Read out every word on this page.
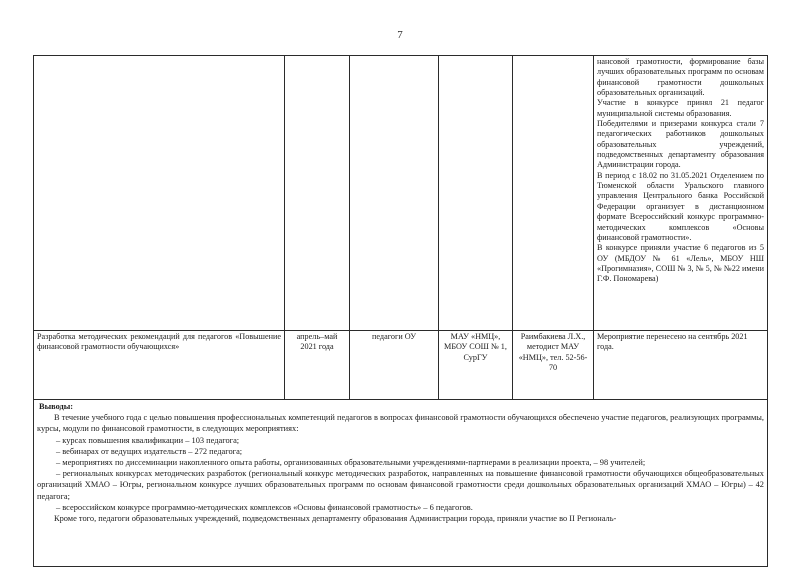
7

					нансовой грамотности, формирование базы лучших образовательных программ по основам финансовой грамотности дошкольных образовательных организаций.
Участие в конкурсе принял 21 педагог муниципальной системы образования.
Победителями и призерами конкурса стали 7 педагогических работников дошкольных образовательных учреждений, подведомственных департаменту образования Администрации города.
В период с 18.02 по 31.05.2021 Отделением по Тюменской области Уральского главного управления Центрального банка Российской Федерации организует в дистанционном формате Всероссийский конкурс программно-методических комплексов «Основы финансовой грамотности».
В конкурсе приняли участие 6 педагогов из 5 ОУ (МБДОУ № 61 «Лель», МБОУ НШ «Прогимназия», СОШ № 3, № 5, № №22 имени Г.Ф. Пономарева)

Разработка методических рекомендаций для педагогов «Повышение финансовой грамотности обучающихся»	апрель–май 2021 года	педагоги ОУ	МАУ «НМЦ», МБОУ СОШ № 1, СурГУ	Раимбакиева Л.Х., методист МАУ «НМЦ», тел. 52-56-70	Мероприятие перенесено на сентябрь 2021 года.

Выводы:

В течение учебного года с целью повышения профессиональных компетенций педагогов в вопросах финансовой грамотности обучающихся обеспечено участие педагогов, реализующих программы, курсы, модули по финансовой грамотности, в следующих мероприятиях:

– курсах повышения квалификации – 103 педагога;

– вебинарах от ведущих издательств – 272 педагога;

– мероприятиях по диссеминации накопленного опыта работы, организованных образовательными учреждениями-партнерами в реализации проекта, – 98 учителей;

– региональных конкурсах методических разработок (региональный конкурс методических разработок, направленных на повышение финансовой грамотности обучающихся общеобразовательных организаций ХМАО – Югры, региональном конкурсе лучших образовательных программ по основам финансовой грамотности среди дошкольных образовательных организаций ХМАО – Югры) – 42 педагога;

– всероссийском конкурсе программно-методических комплексов «Основы финансовой грамотность» – 6 педагогов.

Кроме того, педагоги образовательных учреждений, подведомственных департаменту образования Администрации города, приняли участие во II Региональ-
